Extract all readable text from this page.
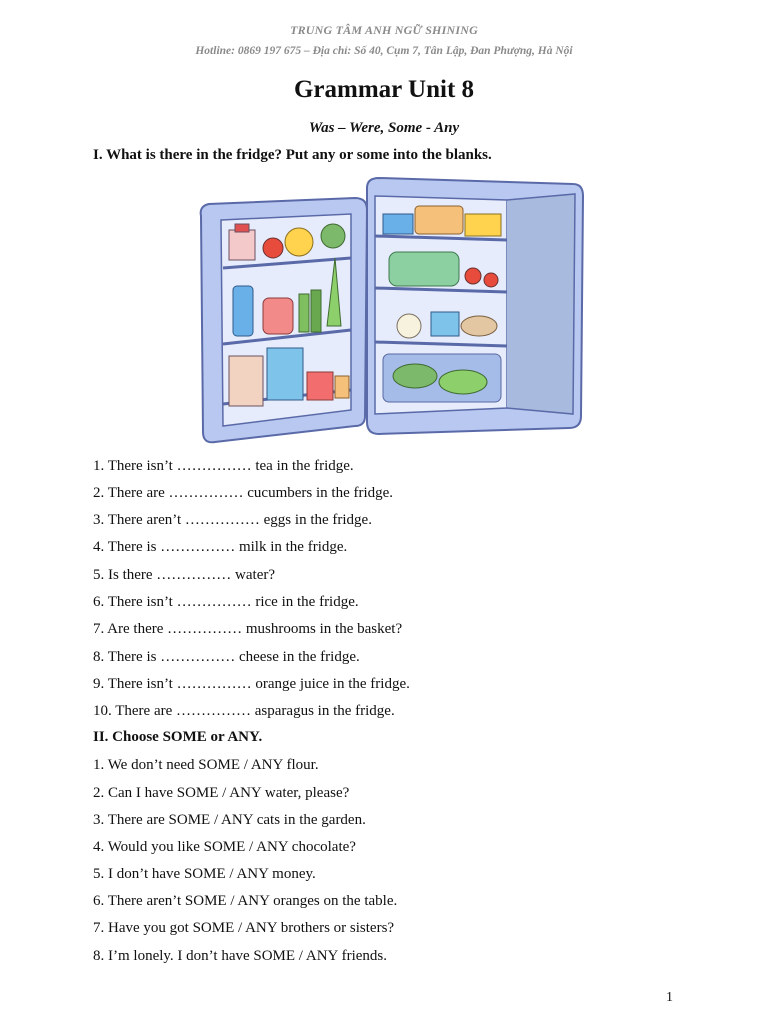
TRUNG TÂM ANH NGỮ SHINING
Hotline: 0869 197 675 – Địa chỉ: Số 40, Cụm 7, Tân Lập, Đan Phượng, Hà Nội
Grammar Unit 8
Was – Were, Some - Any
I. What is there in the fridge? Put any or some into the blanks.
1. There isn’t …………… tea in the fridge.
2. There are …………… cucumbers in the fridge.
3. There aren’t …………… eggs in the fridge.
4. There is …………… milk in the fridge.
5. Is there …………… water?
6. There isn’t …………… rice in the fridge.
7. Are there …………… mushrooms in the basket?
8. There is …………… cheese in the fridge.
9. There isn’t …………… orange juice in the fridge.
10. There are …………… asparagus in the fridge.
II. Choose SOME or ANY.
1. We don’t need SOME / ANY flour.
2. Can I have SOME / ANY water, please?
3. There are SOME / ANY cats in the garden.
4. Would you like SOME / ANY chocolate?
5. I don’t have SOME / ANY money.
6. There aren’t SOME / ANY oranges on the table.
7. Have you got SOME / ANY brothers or sisters?
8. I’m lonely. I don’t have SOME / ANY friends.
1
